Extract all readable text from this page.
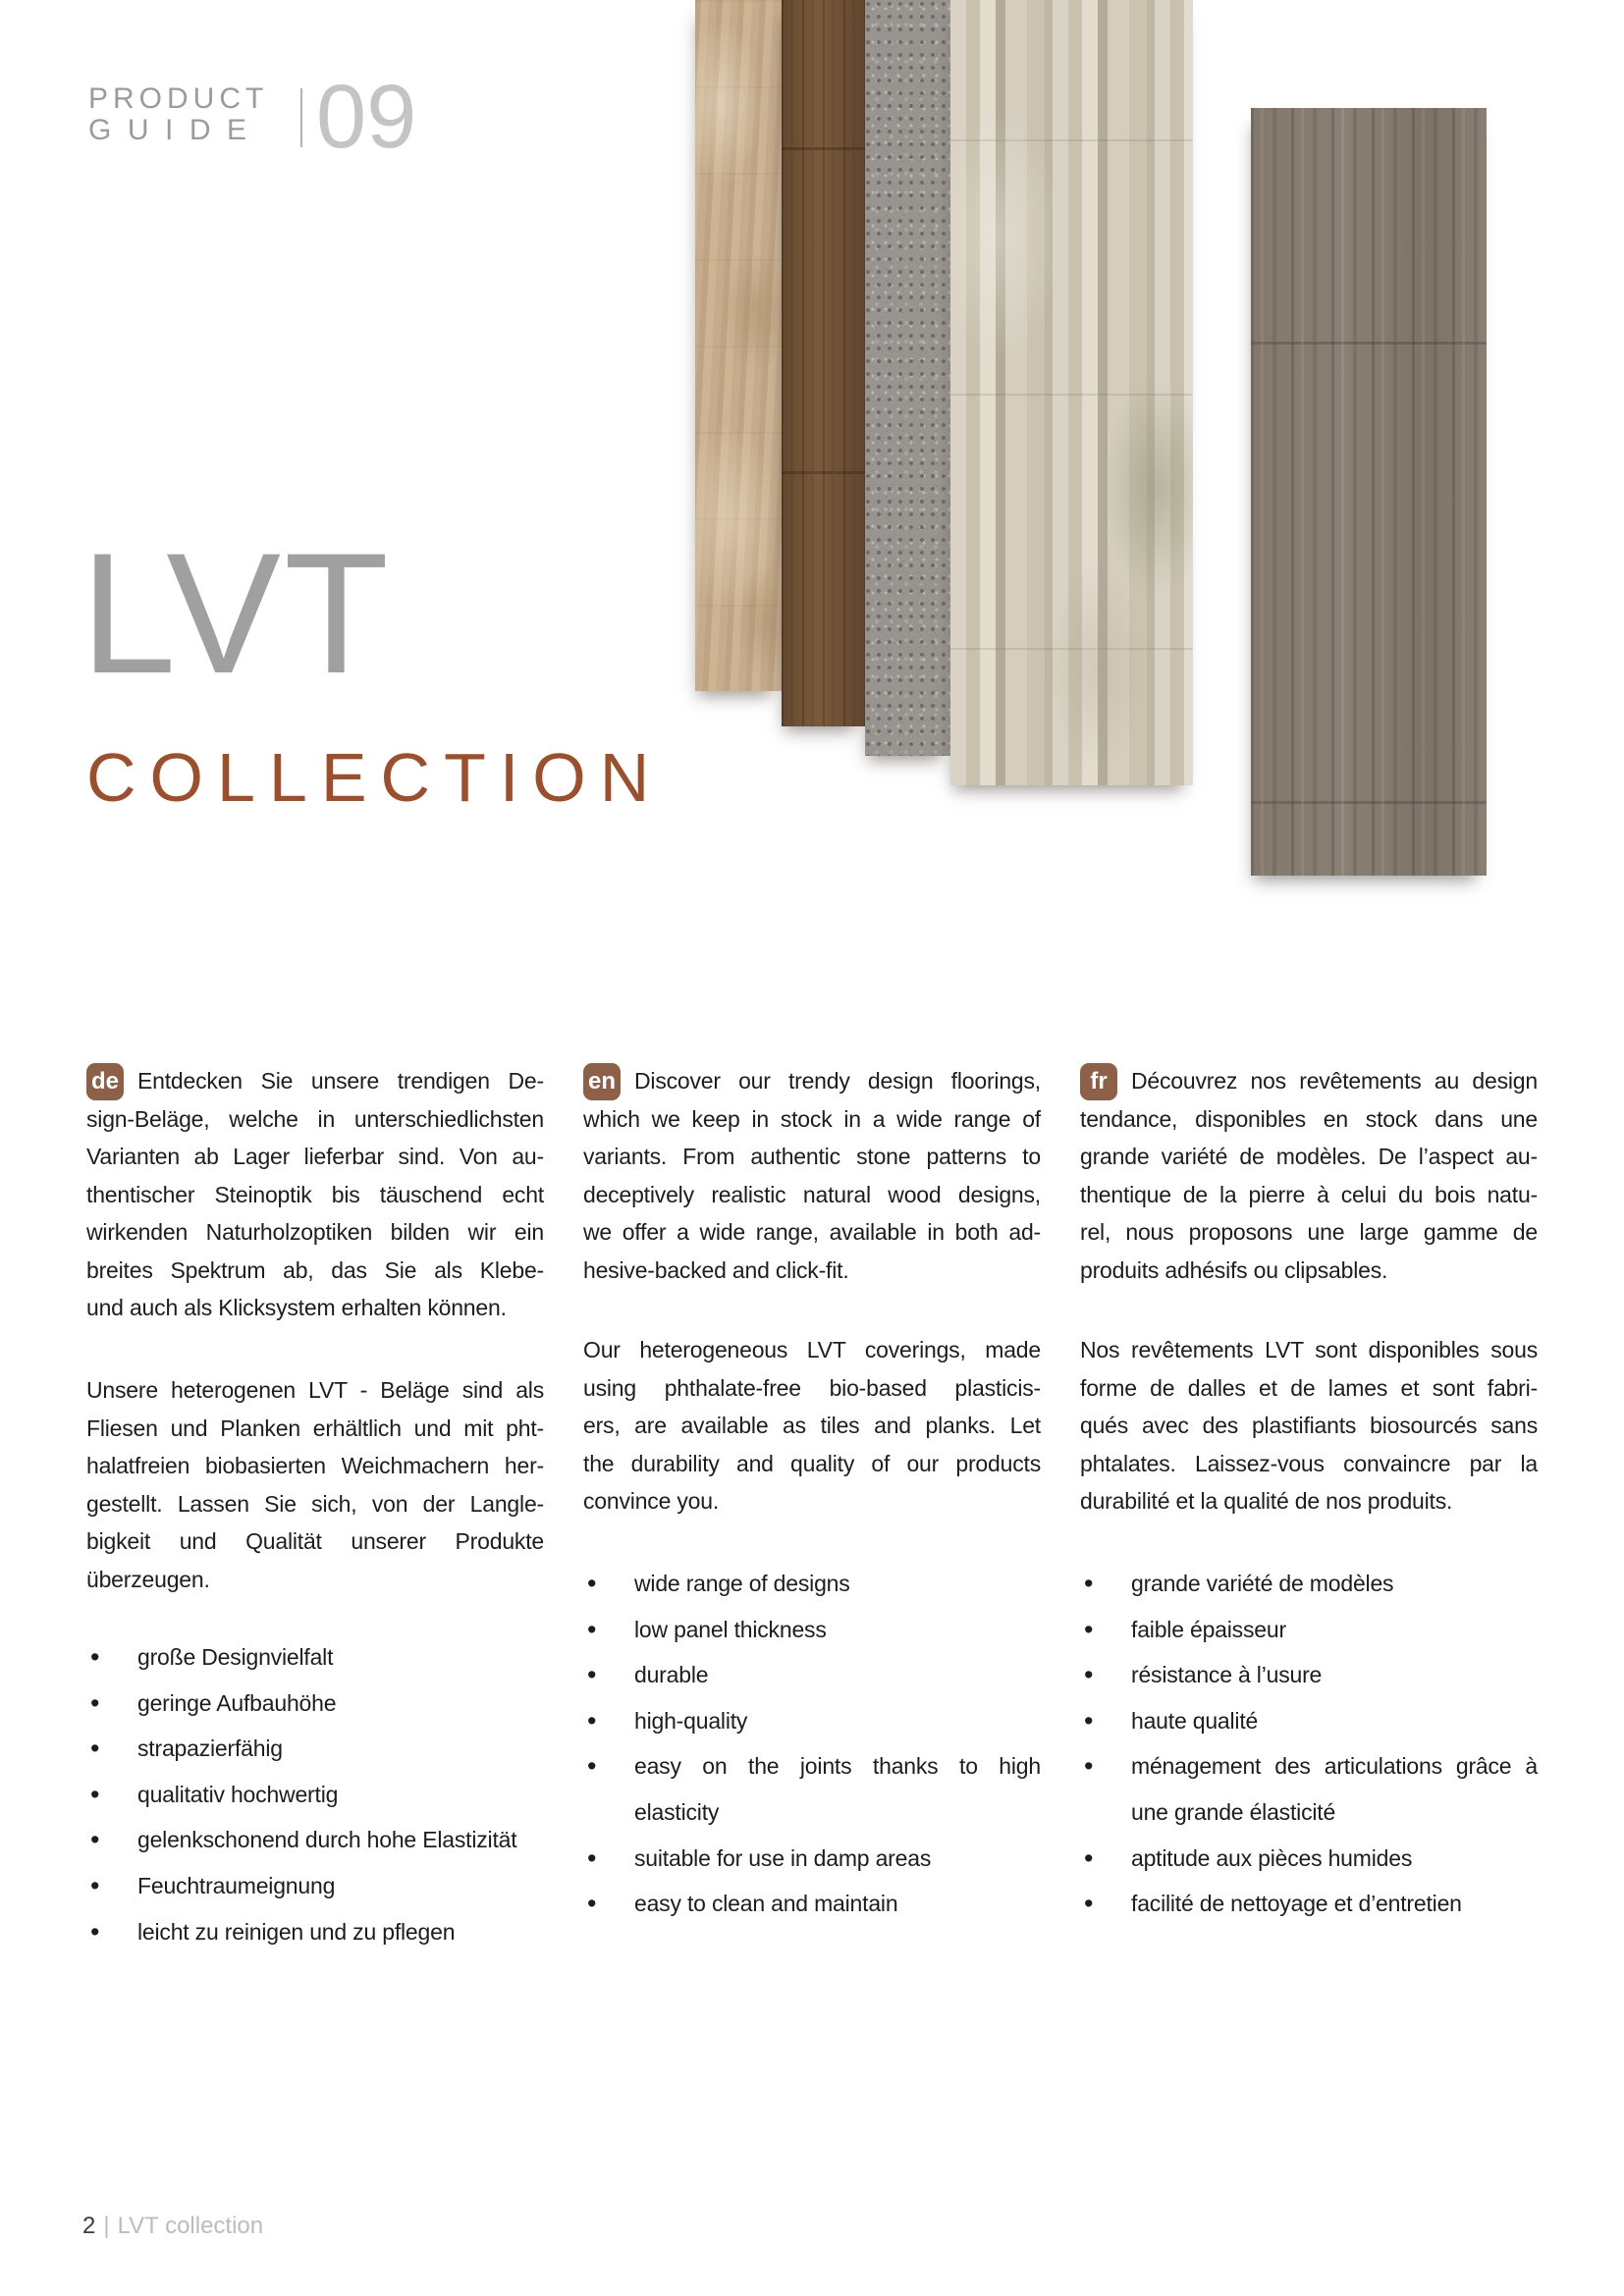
PRODUCT
GUIDE 09
LVT
COLLECTION
de Entdecken Sie unsere trendigen De-
sign-Beläge, welche in unterschiedlichsten
Varianten ab Lager lieferbar sind. Von au-
thentischer Steinoptik bis täuschend echt
wirkenden Naturholzoptiken bilden wir ein
breites Spektrum ab, das Sie als Klebe-
und auch als Klicksystem erhalten können.
Unsere heterogenen LVT - Beläge sind als
Fliesen und Planken erhältlich und mit pht-
halatfreien biobasierten Weichmachern her-
gestellt. Lassen Sie sich, von der Langle-
bigkeit und Qualität unserer Produkte
überzeugen.
• große Designvielfalt
• geringe Aufbauhöhe
• strapazierfähig
• qualitativ hochwertig
• gelenkschonend durch hohe Elastizität
• Feuchtraumeignung
• leicht zu reinigen und zu pflegen
en Discover our trendy design floorings,
which we keep in stock in a wide range of
variants. From authentic stone patterns to
deceptively realistic natural wood designs,
we offer a wide range, available in both ad-
hesive-backed and click-fit.
Our heterogeneous LVT coverings, made
using phthalate-free bio-based plasticis-
ers, are available as tiles and planks. Let
the durability and quality of our products
convince you.
• wide range of designs
• low panel thickness
• durable
• high-quality
• easy on the joints thanks to high elasticity
• suitable for use in damp areas
• easy to clean and maintain
fr	Découvrez nos revêtements au design
tendance, disponibles en stock dans une
grande variété de modèles. De l’aspect au-
thentique de la pierre à celui du bois natu-
rel, nous proposons une large gamme de
produits adhésifs ou clipsables.
Nos revêtements LVT sont disponibles sous
forme de dalles et de lames et sont fabri-
qués avec des plastifiants biosourcés sans
phtalates. Laissez-vous convaincre par la
durabilité et la qualité de nos produits.
• grande variété de modèles
• faible épaisseur
• résistance à l’usure
• haute qualité
• ménagement des articulations grâce à
une grande élasticité
• aptitude aux pièces humides
• facilité de nettoyage et d’entretien
2 | LVT collection
